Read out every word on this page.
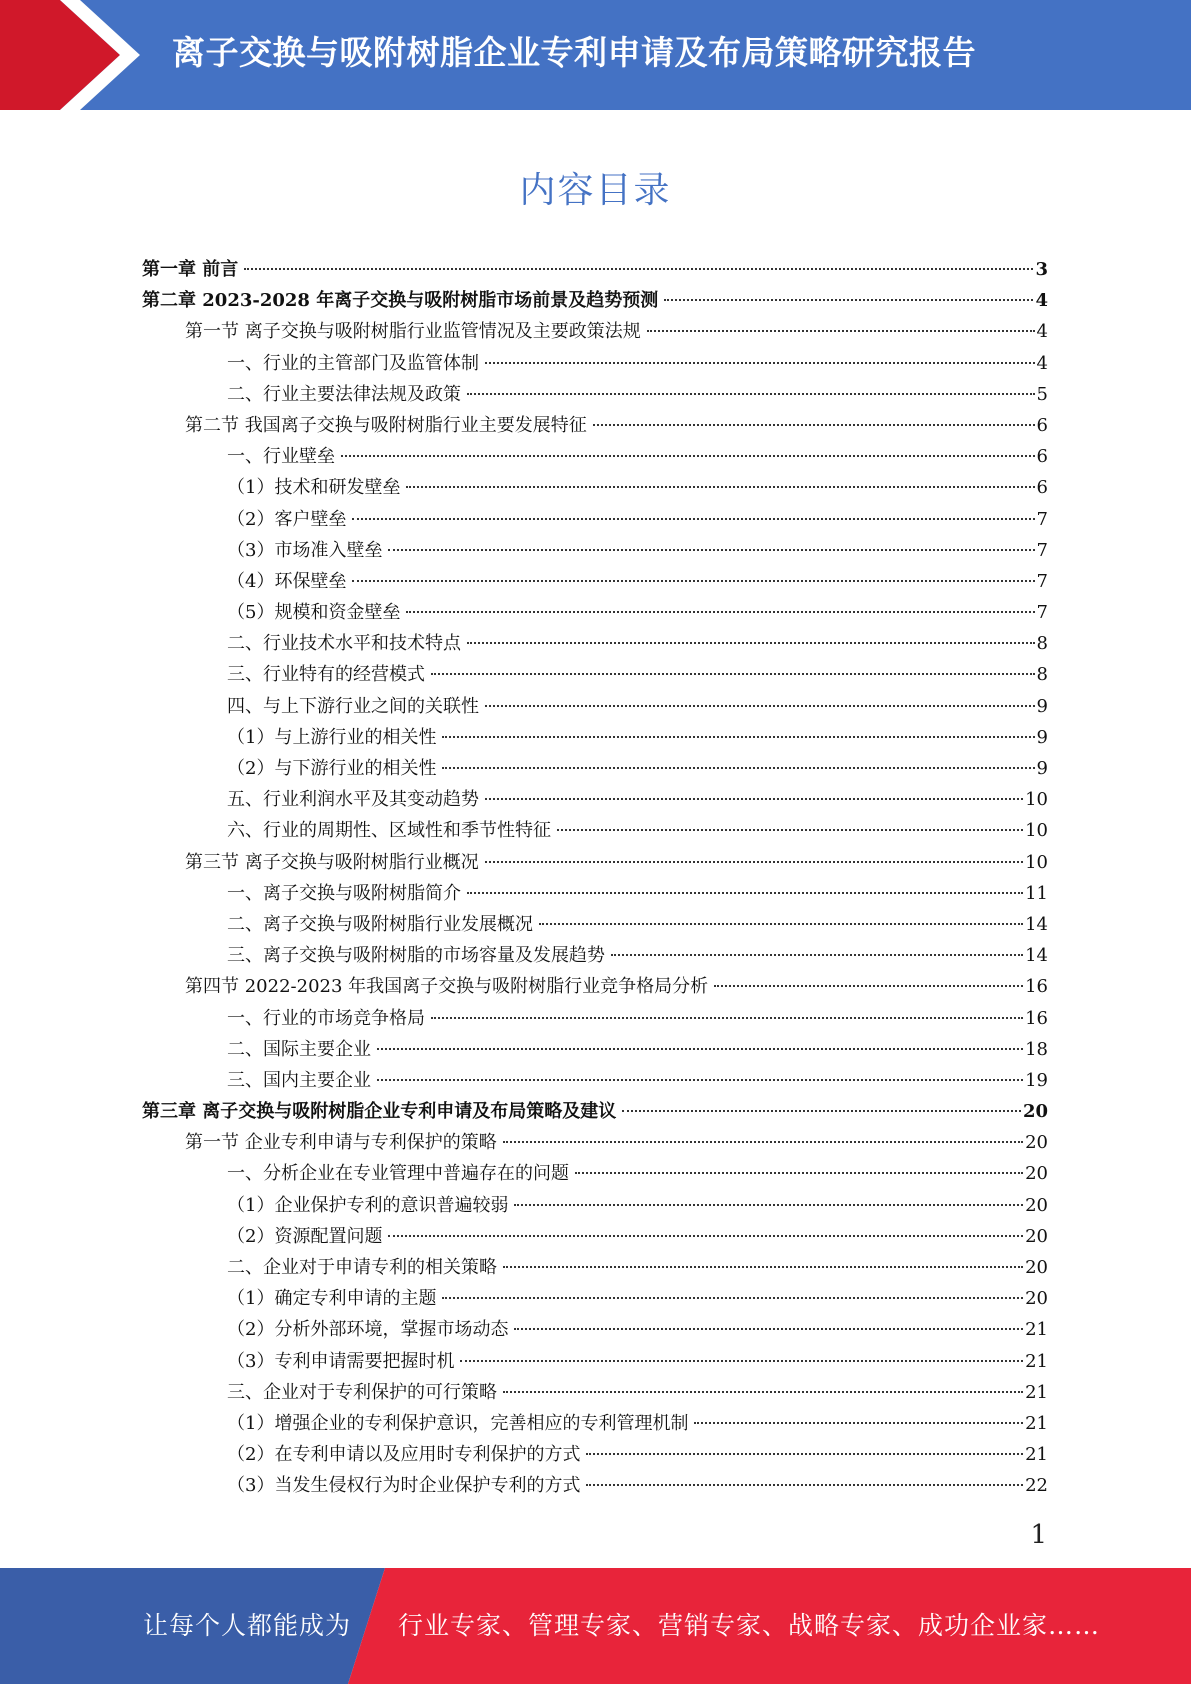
离子交换与吸附树脂企业专利申请及布局策略研究报告
内容目录
第一章 前言	3
第二章 2023-2028 年离子交换与吸附树脂市场前景及趋势预测	4
第一节 离子交换与吸附树脂行业监管情况及主要政策法规	4
一、行业的主管部门及监管体制	4
二、行业主要法律法规及政策	5
第二节 我国离子交换与吸附树脂行业主要发展特征	6
一、行业壁垒	6
（1）技术和研发壁垒	6
（2）客户壁垒	7
（3）市场准入壁垒	7
（4）环保壁垒	7
（5）规模和资金壁垒	7
二、行业技术水平和技术特点	8
三、行业特有的经营模式	8
四、与上下游行业之间的关联性	9
（1）与上游行业的相关性	9
（2）与下游行业的相关性	9
五、行业利润水平及其变动趋势	10
六、行业的周期性、区域性和季节性特征	10
第三节 离子交换与吸附树脂行业概况	10
一、离子交换与吸附树脂简介	11
二、离子交换与吸附树脂行业发展概况	14
三、离子交换与吸附树脂的市场容量及发展趋势	14
第四节 2022-2023 年我国离子交换与吸附树脂行业竞争格局分析	16
一、行业的市场竞争格局	16
二、国际主要企业	18
三、国内主要企业	19
第三章 离子交换与吸附树脂企业专利申请及布局策略及建议	20
第一节 企业专利申请与专利保护的策略	20
一、分析企业在专业管理中普遍存在的问题	20
（1）企业保护专利的意识普遍较弱	20
（2）资源配置问题	20
二、企业对于申请专利的相关策略	20
（1）确定专利申请的主题	20
（2）分析外部环境，掌握市场动态	21
（3）专利申请需要把握时机	21
三、企业对于专利保护的可行策略	21
（1）增强企业的专利保护意识，完善相应的专利管理机制	21
（2）在专利申请以及应用时专利保护的方式	21
（3）当发生侵权行为时企业保护专利的方式	22
1
让每个人都能成为 行业专家、管理专家、营销专家、战略专家、成功企业家……
